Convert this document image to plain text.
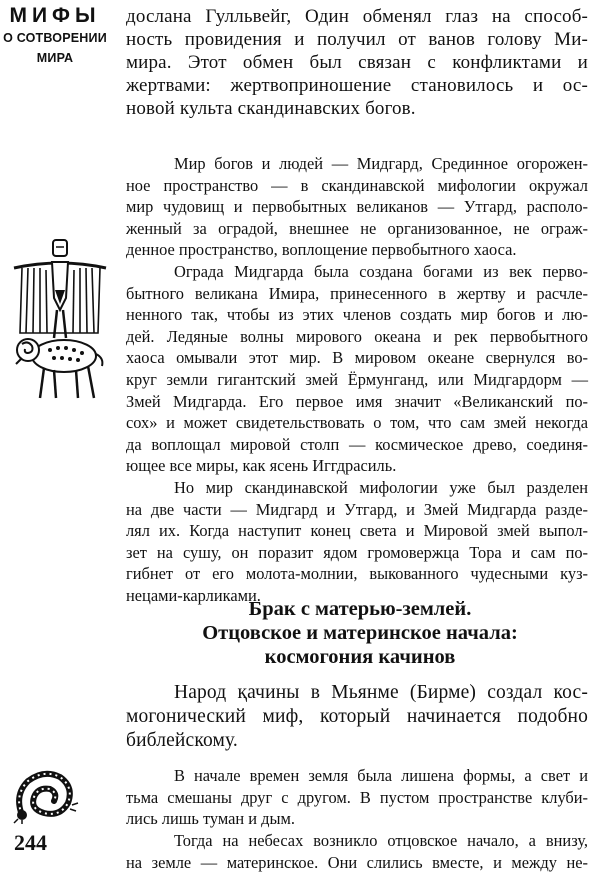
МИФЫ
О СОТВОРЕНИИ
МИРА
дослана Гулльвейг, Один обменял глаз на способ-
ность провидения и получил от ванов голову Ми-
мира. Этот обмен был связан с конфликтами и
жертвами: жертвоприношение становилось и ос-
новой культа скандинавских богов.
Мир богов и людей — Мидгард, Срединное огорожен-
ное пространство — в скандинавской мифологии окружал
мир чудовищ и первобытных великанов — Утгард, располо-
женный за оградой, внешнее не организованное, не ограж-
денное пространство, воплощение первобытного хаоса.
Ограда Мидгарда была создана богами из век перво-
бытного великана Имира, принесенного в жертву и расчле-
ненного так, чтобы из этих членов создать мир богов и лю-
дей. Ледяные волны мирового океана и рек первобытного
хаоса омывали этот мир. В мировом океане свернулся во-
круг земли гигантский змей Ёрмунганд, или Мидгардорм —
Змей Мидгарда. Его первое имя значит «Великанский по-
сох» и может свидетельствовать о том, что сам змей некогда
да воплощал мировой столп — космическое древо, соединя-
ющее все миры, как ясень Иггдрасиль.
Но мир скандинавской мифологии уже был разделен
на две части — Мидгард и Утгард, и Змей Мидгарда разде-
лял их. Когда наступит конец света и Мировой змей выпол-
зет на сушу, он поразит ядом громовержца Тора и сам по-
гибнет от его молота-молнии, выкованного чудесными куз-
нецами-карликами.
Брак с матерью-землей.
Отцовское и материнское начала:
космогония качинов
Народ қачины в Мьянме (Бирме) создал кос-
могонический миф, который начинается подобно
библейскому.
В начале времен земля была лишена формы, а свет и
тьма смешаны друг с другом. В пустом пространстве клуби-
лись лишь туман и дым.
Тогда на небесах возникло отцовское начало, а внизу,
на земле — материнское. Они слились вместе, и между не-
244
